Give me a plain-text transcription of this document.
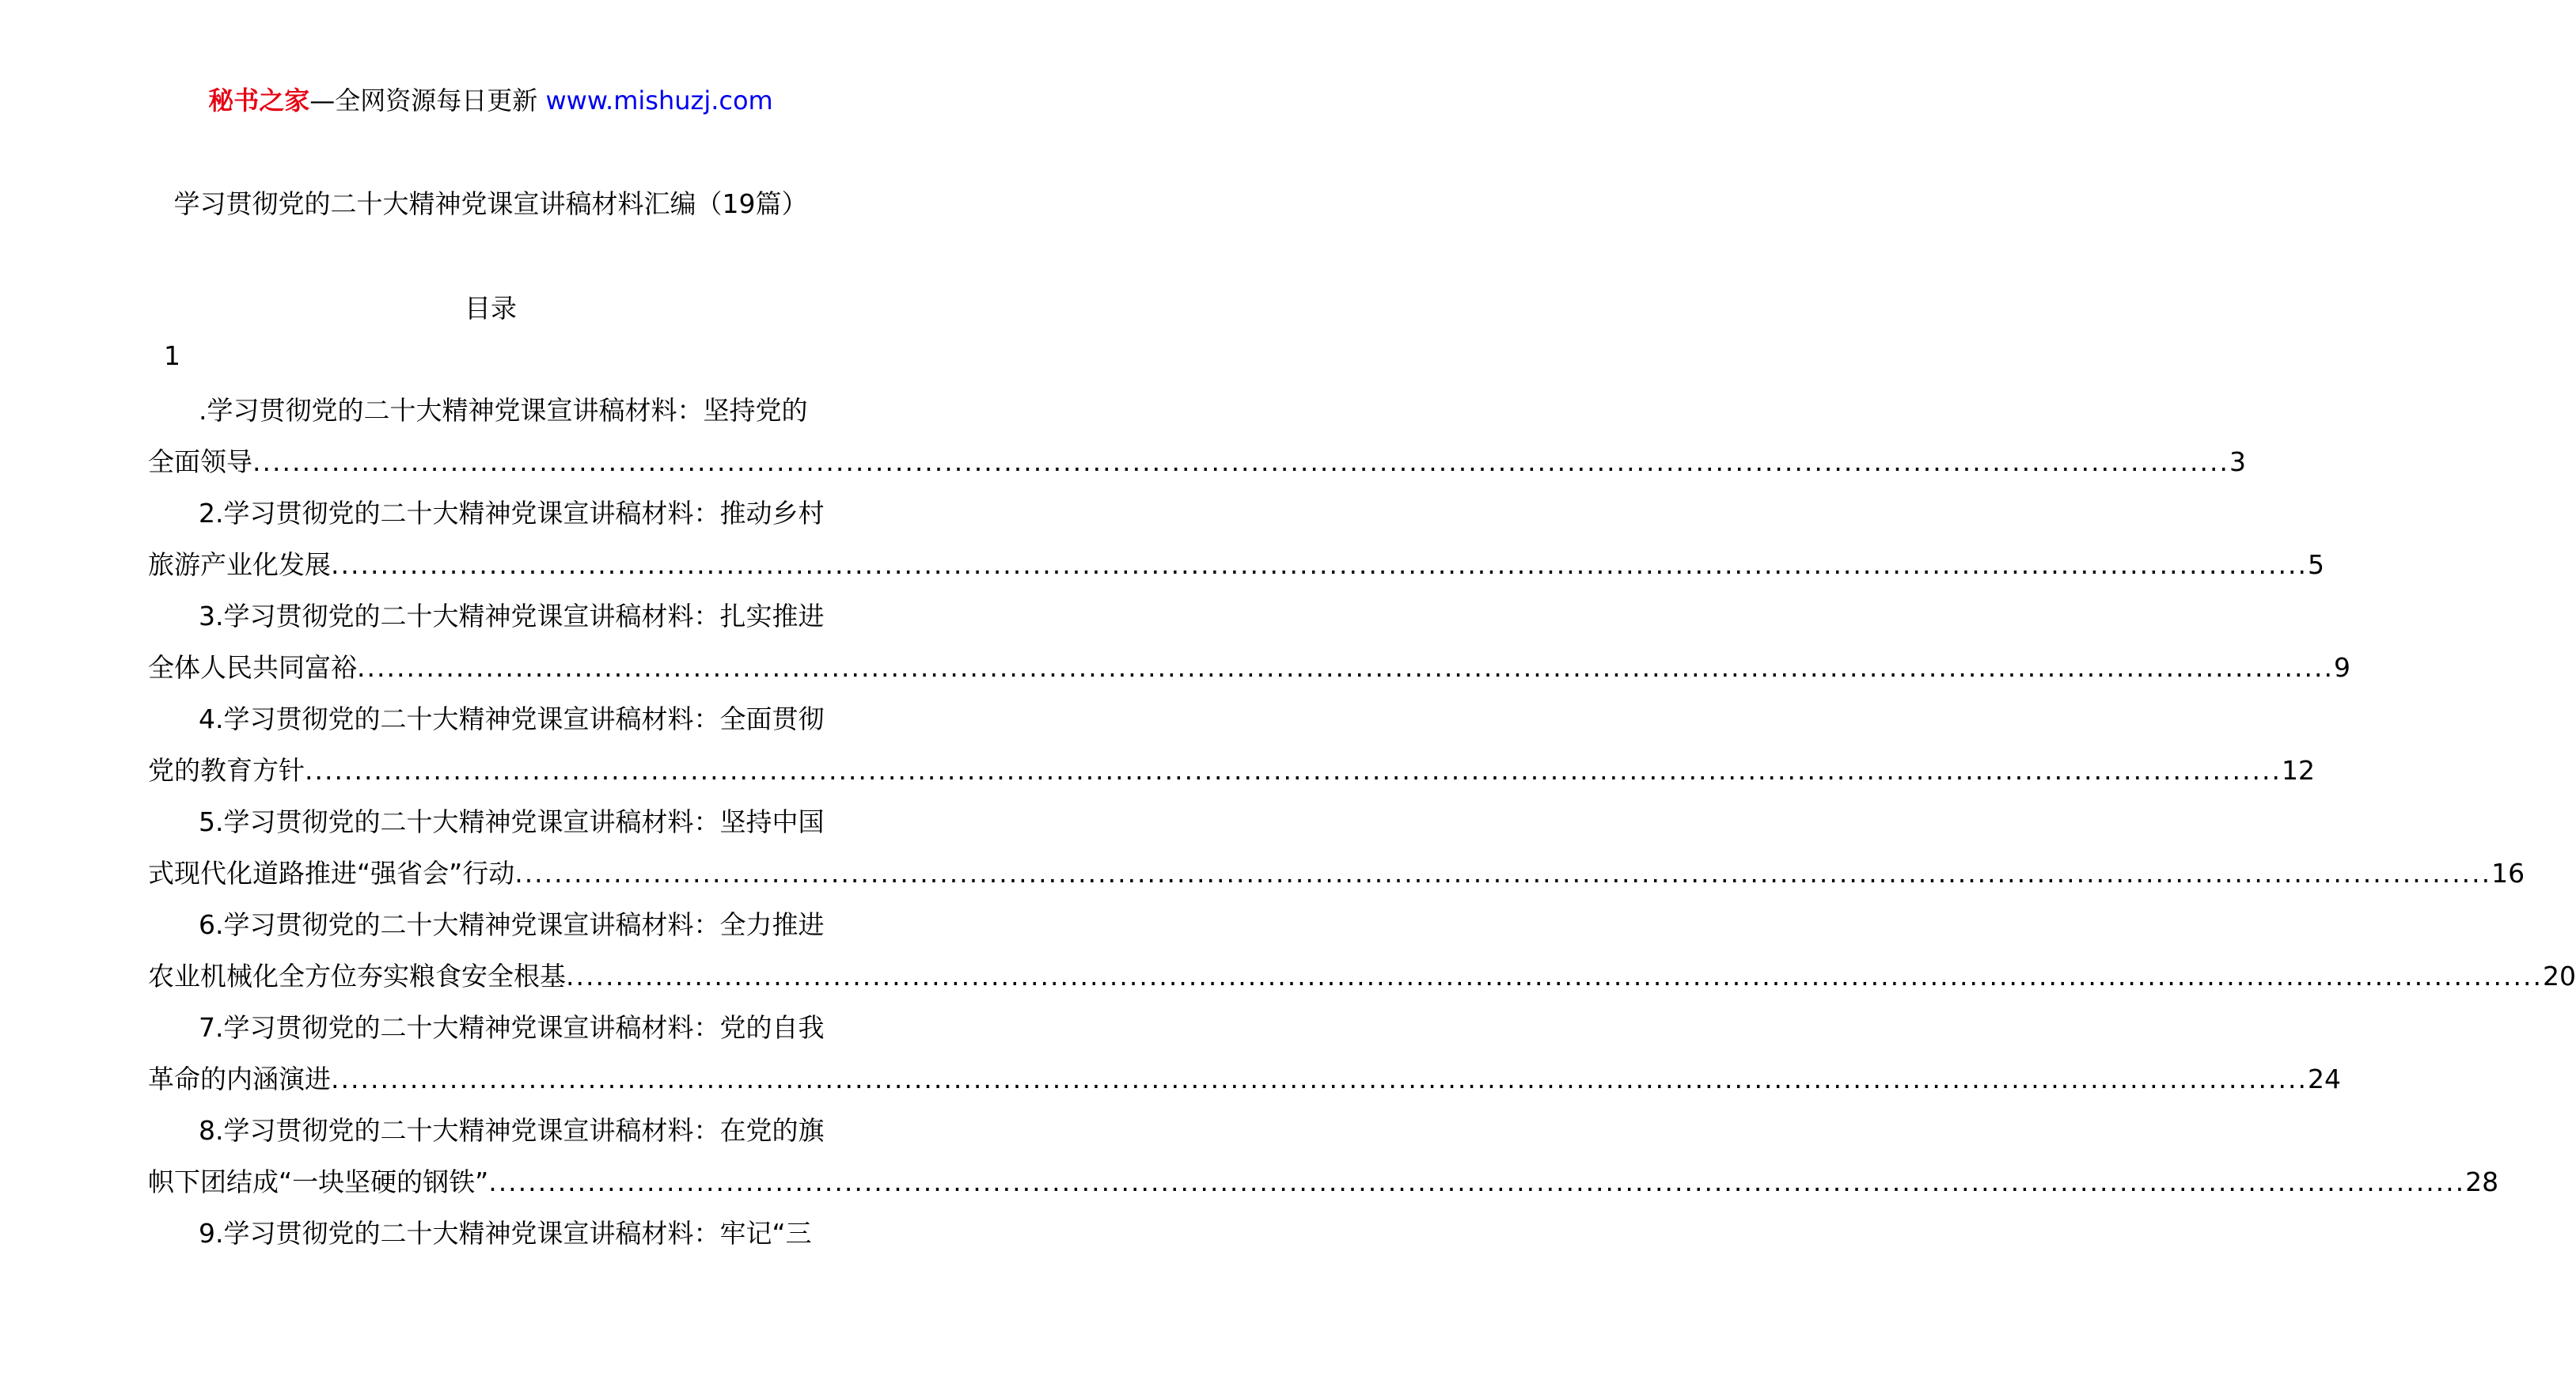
秘书之家—全网资源每日更新 www.mishuzj.com
学习贯彻党的二十大精神党课宣讲稿材料汇编（19篇）
目录
1
.学习贯彻党的二十大精神党课宣讲稿材料：坚持党的
全面领导 ........................................................................................................................................................................................................ 3
2.学习贯彻党的二十大精神党课宣讲稿材料：推动乡村
旅游产业化发展 ........................................................................................................................................................................................................ 5
3.学习贯彻党的二十大精神党课宣讲稿材料：扎实推进
全体人民共同富裕 ........................................................................................................................................................................................................ 9
4.学习贯彻党的二十大精神党课宣讲稿材料：全面贯彻
党的教育方针 ........................................................................................................................................................................................................ 12
5.学习贯彻党的二十大精神党课宣讲稿材料：坚持中国
式现代化道路推进“强省会”行动 ........................................................................................................................................................................................................ 16
6.学习贯彻党的二十大精神党课宣讲稿材料：全力推进
农业机械化全方位夯实粮食安全根基 ........................................................................................................................................................................................................ 20
7.学习贯彻党的二十大精神党课宣讲稿材料：党的自我
革命的内涵演进 ........................................................................................................................................................................................................ 24
8.学习贯彻党的二十大精神党课宣讲稿材料：在党的旗
帜下团结成“一块坚硬的钢铁” ........................................................................................................................................................................................................ 28
9.学习贯彻党的二十大精神党课宣讲稿材料：牢记“三
